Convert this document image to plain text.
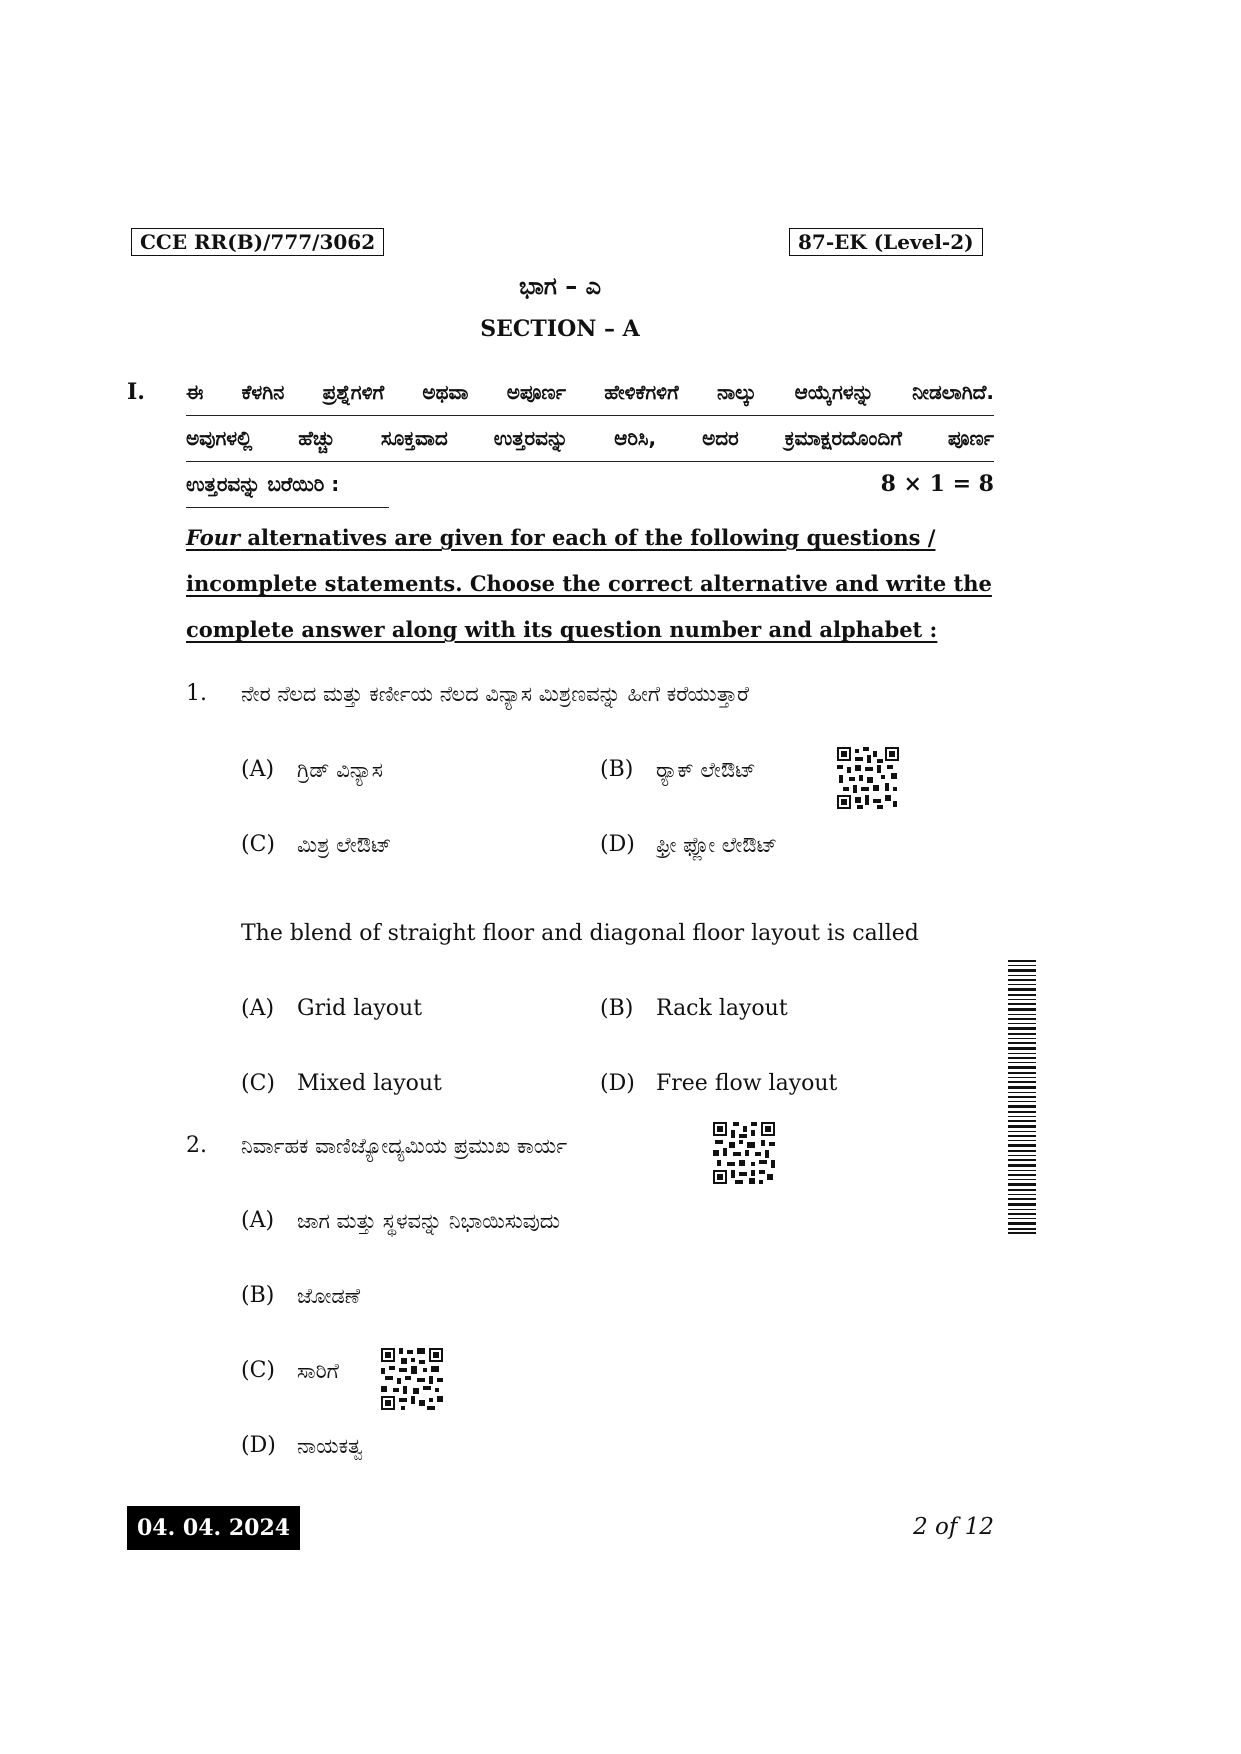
CCE RR(B)/777/3062	87-EK (Level-2)
ಭಾಗ – ಎ
SECTION – A
I. ಈ ಕೆಳಗಿನ ಪ್ರಶ್ನೆಗಳಿಗೆ ಅಥವಾ ಅಪೂರ್ಣ ಹೇಳಿಕೆಗಳಿಗೆ ನಾಲ್ಕು ಆಯ್ಕೆಗಳನ್ನು ನೀಡಲಾಗಿದೆ.
ಅವುಗಳಲ್ಲಿ ಹೆಚ್ಚು ಸೂಕ್ತವಾದ ಉತ್ತರವನ್ನು ಆರಿಸಿ, ಅದರ ಕ್ರಮಾಕ್ಷರದೊಂದಿಗೆ ಪೂರ್ಣ
ಉತ್ತರವನ್ನು ಬರೆಯಿರಿ :	8 × 1 = 8
Four alternatives are given for each of the following questions /
incomplete statements. Choose the correct alternative and write the
complete answer along with its question number and alphabet :
1. ನೇರ ನೆಲದ ಮತ್ತು ಕರ್ಣೀಯ ನೆಲದ ವಿನ್ಯಾಸ ಮಿಶ್ರಣವನ್ನು ಹೀಗೆ ಕರೆಯುತ್ತಾರೆ
(A) ಗ್ರಿಡ್ ವಿನ್ಯಾಸ	(B) ರ್‍ಯಾಕ್ ಲೇಔಟ್
(C) ಮಿಶ್ರ ಲೇಔಟ್	(D) ಫ್ರೀ ಫ್ಲೋ ಲೇಔಟ್
The blend of straight floor and diagonal floor layout is called
(A) Grid layout	(B) Rack layout
(C) Mixed layout	(D) Free flow layout
2. ನಿರ್ವಾಹಕ ವಾಣಿಜ್ಯೋದ್ಯಮಿಯ ಪ್ರಮುಖ ಕಾರ್ಯ
(A) ಜಾಗ ಮತ್ತು ಸ್ಥಳವನ್ನು ನಿಭಾಯಿಸುವುದು
(B) ಜೋಡಣೆ
(C) ಸಾರಿಗೆ
(D) ನಾಯಕತ್ವ
04. 04. 2024	2 of 12
